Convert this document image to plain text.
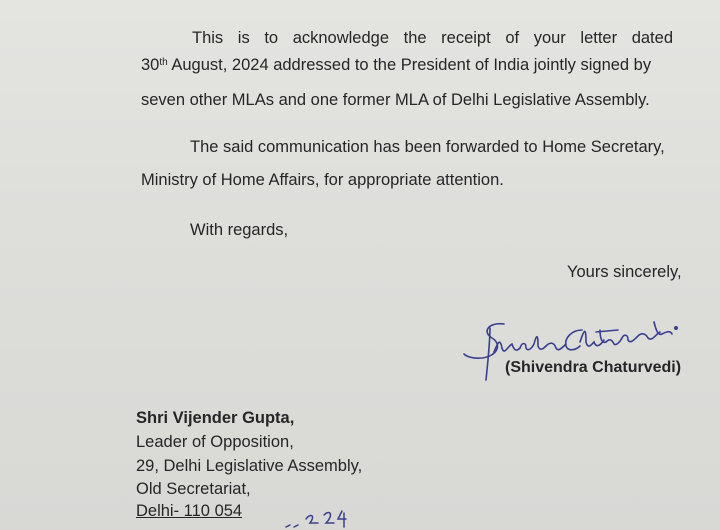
This is to acknowledge the receipt of your letter dated
30th August, 2024 addressed to the President of India jointly signed by
seven other MLAs and one former MLA of Delhi Legislative Assembly.
The said communication has been forwarded to Home Secretary,
Ministry of Home Affairs, for appropriate attention.
With regards,
Yours sincerely,
(Shivendra Chaturvedi)
Shri Vijender Gupta,
Leader of Opposition,
29, Delhi Legislative Assembly,
Old Secretariat,
Delhi- 110 054
